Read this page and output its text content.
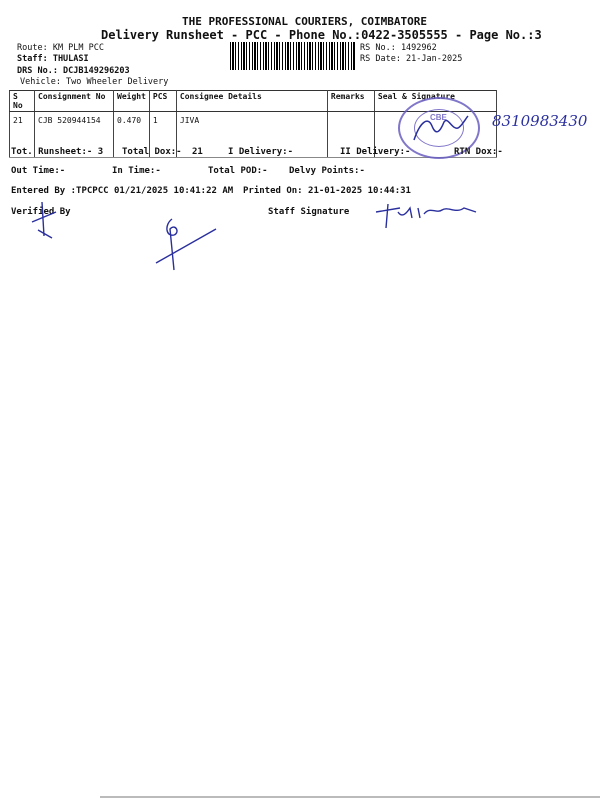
THE PROFESSIONAL COURIERS, COIMBATORE
Delivery Runsheet - PCC - Phone No.:0422-3505555 - Page No.:3
Route: KM PLM PCC
Staff: THULASI
DRS No.: DCJB149296203
Vehicle: Two Wheeler Delivery
RS No.: 1492962
RS Date: 21-Jan-2025
S No	Consignment No	Weight	PCS	Consignee Details	Remarks	Seal & Signature
21	CJB 520944154	0.470	1	JIVA			CBE	8310983430
Tot. Runsheet:- 3 Total Dox:- 21	I Delivery:-	II Delivery:-	RTN Dox:-
Out Time:-	In Time:-	Total POD:- Delvy Points:-
Entered By :TPCPCC 01/21/2025 10:41:22 AM Printed On: 21-01-2025 10:44:31
Verified By	Staff Signature
